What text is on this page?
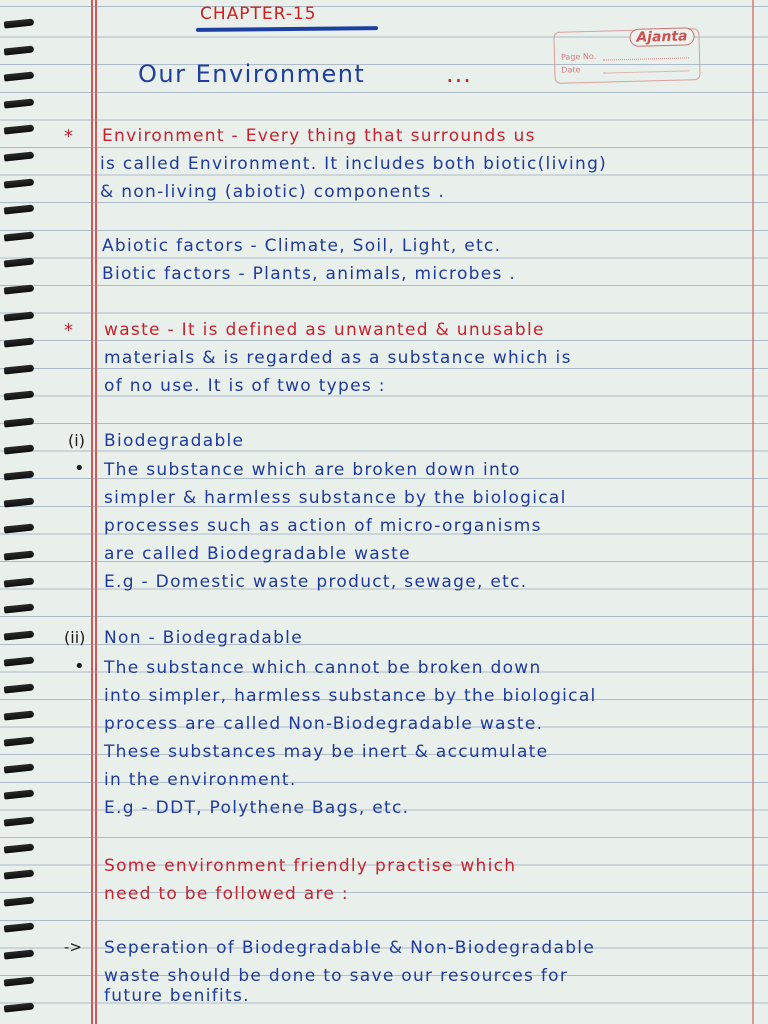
CHAPTER-15
Our Environment	...
Ajanta
Page No.
Date
* Environment - Every thing that surrounds us
is called Environment. It includes both biotic(living)
& non-living (abiotic) components .
Abiotic factors - Climate, Soil, Light, etc.
Biotic factors - Plants, animals, microbes .
* waste - It is defined as unwanted & unusable
materials & is regarded as a substance which is
of no use. It is of two types :
(i) Biodegradable
• The substance which are broken down into
simpler & harmless substance by the biological
processes such as action of micro-organisms
are called Biodegradable waste
E.g - Domestic waste product, sewage, etc.
(ii) Non - Biodegradable
• The substance which cannot be broken down
into simpler, harmless substance by the biological
process are called Non-Biodegradable waste.
These substances may be inert & accumulate
in the environment.
E.g - DDT, Polythene Bags, etc.
Some environment friendly practise which
need to be followed are :
-> Seperation of Biodegradable & Non-Biodegradable
waste should be done to save our resources for
future benifits.
